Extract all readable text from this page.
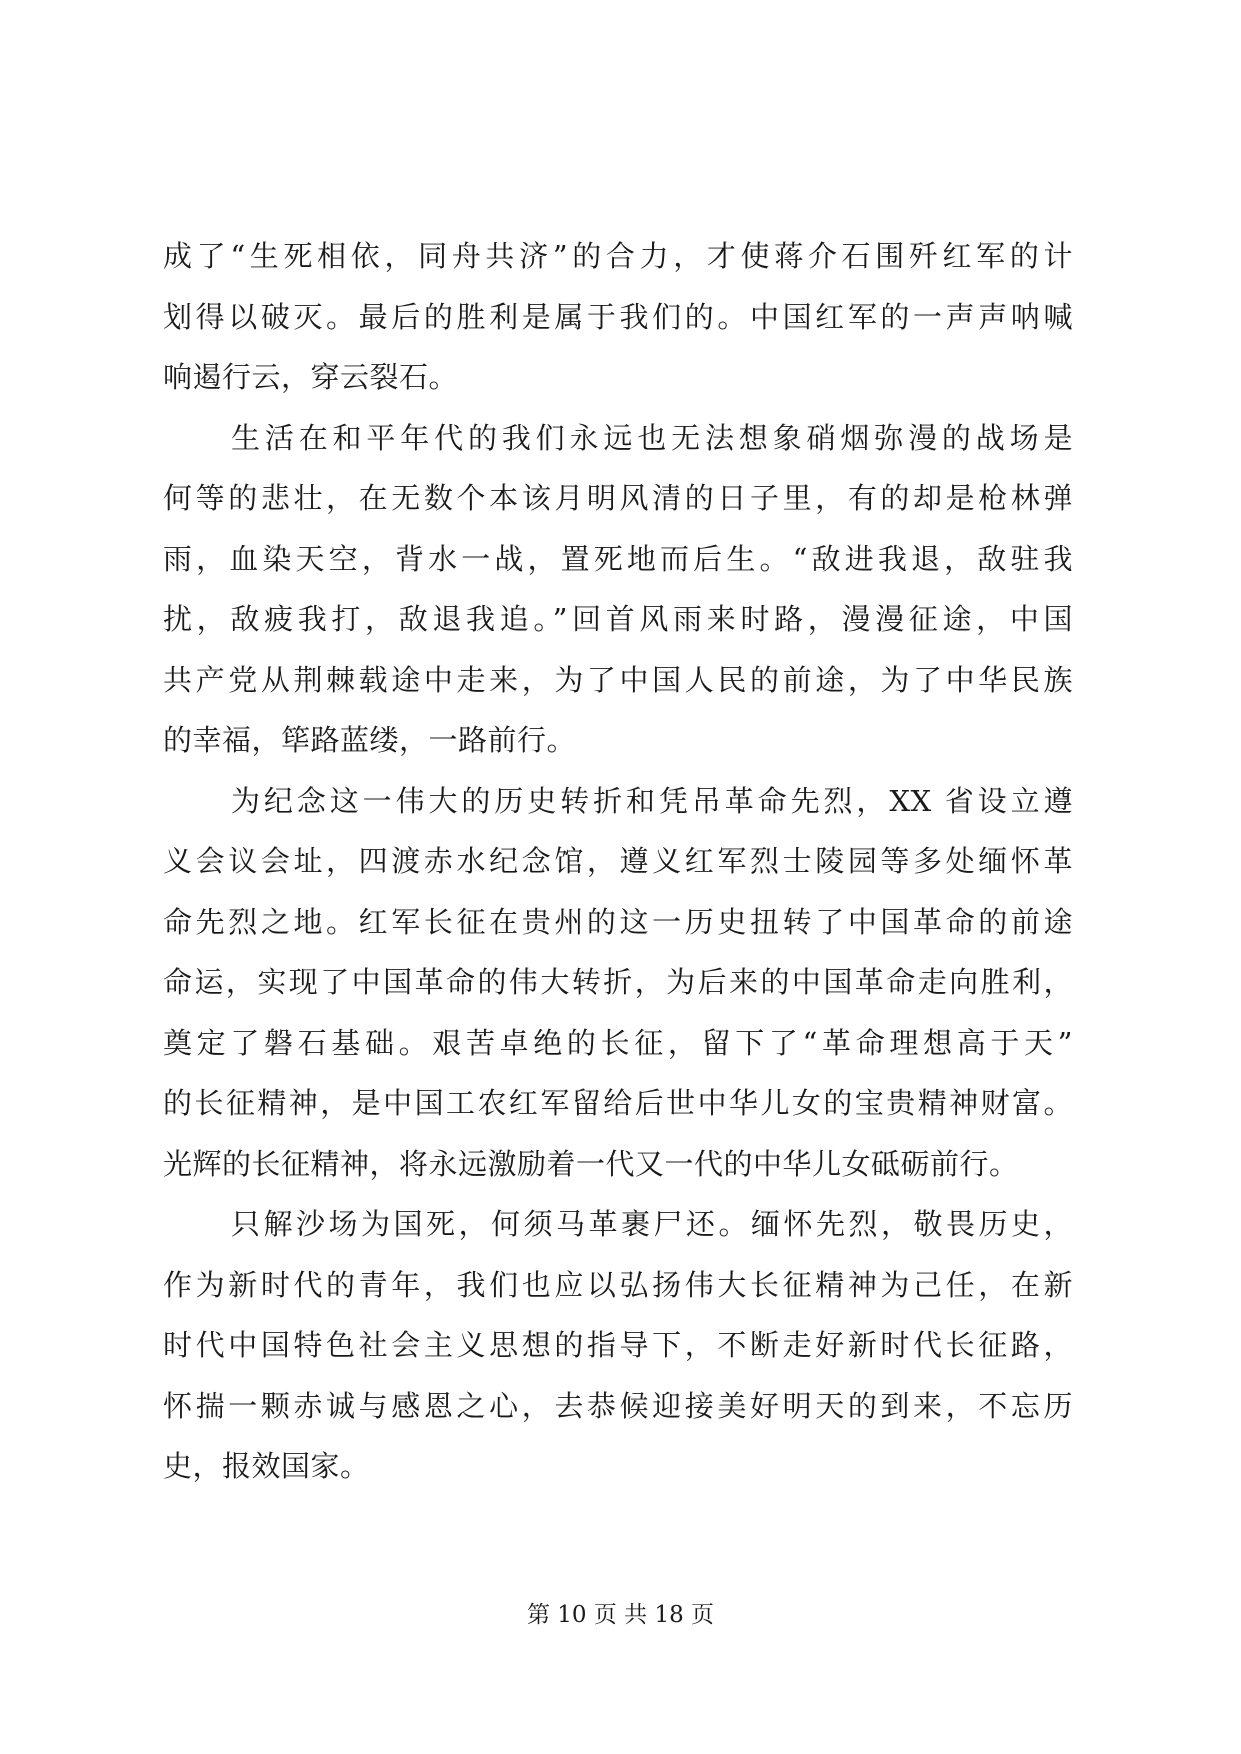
成了“生死相依，同舟共济”的合力，才使蒋介石围歼红军的计
划得以破灭。最后的胜利是属于我们的。中国红军的一声声呐喊
响遏行云，穿云裂石。
生活在和平年代的我们永远也无法想象硝烟弥漫的战场是
何等的悲壮，在无数个本该月明风清的日子里，有的却是枪林弹
雨，血染天空，背水一战，置死地而后生。“敌进我退，敌驻我
扰，敌疲我打，敌退我追。”回首风雨来时路，漫漫征途，中国
共产党从荆棘载途中走来，为了中国人民的前途，为了中华民族
的幸福，筚路蓝缕，一路前行。
为纪念这一伟大的历史转折和凭吊革命先烈，XX 省设立遵
义会议会址，四渡赤水纪念馆，遵义红军烈士陵园等多处缅怀革
命先烈之地。红军长征在贵州的这一历史扭转了中国革命的前途
命运，实现了中国革命的伟大转折，为后来的中国革命走向胜利，
奠定了磐石基础。艰苦卓绝的长征，留下了“革命理想高于天”
的长征精神，是中国工农红军留给后世中华儿女的宝贵精神财富。
光辉的长征精神，将永远激励着一代又一代的中华儿女砥砺前行。
只解沙场为国死，何须马革裹尸还。缅怀先烈，敬畏历史，
作为新时代的青年，我们也应以弘扬伟大长征精神为己任，在新
时代中国特色社会主义思想的指导下，不断走好新时代长征路，
怀揣一颗赤诚与感恩之心，去恭候迎接美好明天的到来，不忘历
史，报效国家。
第 10 页 共 18 页
